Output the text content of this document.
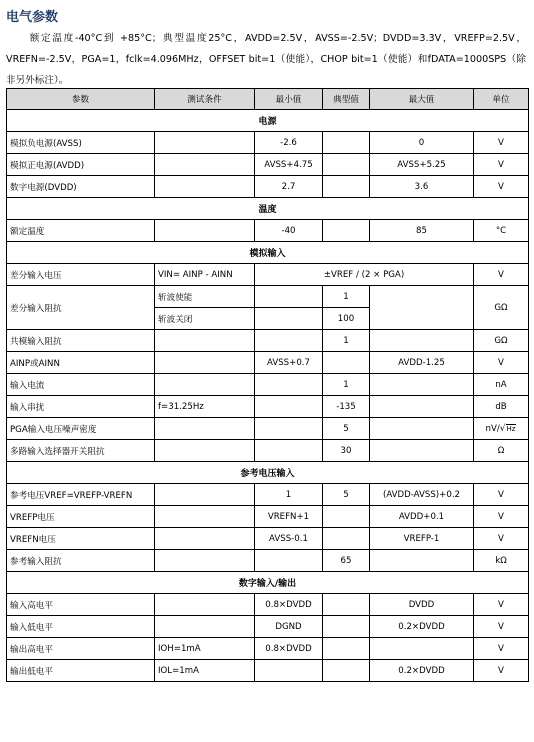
电气参数
额定温度-40°C到 +85°C；典型温度25°C，AVDD=2.5V，AVSS=-2.5V；DVDD=3.3V，VREFP=2.5V，VREFN=-2.5V，PGA=1，fclk=4.096MHz，OFFSET bit=1（使能），CHOP bit=1（使能）和fDATA=1000SPS（除非另外标注）。
参数	测试条件	最小值	典型值	最大值	单位
电源					
模拟负电源(AVSS)		-2.6		0	V
模拟正电源(AVDD)		AVSS+4.75		AVSS+5.25	V
数字电源(DVDD)		2.7		3.6	V
温度					
额定温度		-40		85	°C
模拟输入					
差分输入电压	VIN= AINP - AINN	±VREF / (2 × PGA)			V
差分输入阻抗	斩波使能		1		GΩ
	斩波关闭		100		
共模输入阻抗			1		GΩ
AINP或AINN		AVSS+0.7		AVDD-1.25	V
输入电流			1		nA
输入串扰	f=31.25Hz		-135		dB
PGA输入电压噪声密度			5		nV/√Hz
多路输入选择器开关阻抗			30		Ω
参考电压输入					
参考电压VREF=VREFP-VREFN		1	5	(AVDD-AVSS)+0.2	V
VREFP电压		VREFN+1		AVDD+0.1	V
VREFN电压		AVSS-0.1		VREFP-1	V
参考输入阻抗			65		kΩ
数字输入/输出					
输入高电平		0.8×DVDD		DVDD	V
输入低电平		DGND		0.2×DVDD	V
输出高电平	IOH=1mA	0.8×DVDD			V
输出低电平	IOL=1mA			0.2×DVDD	V
